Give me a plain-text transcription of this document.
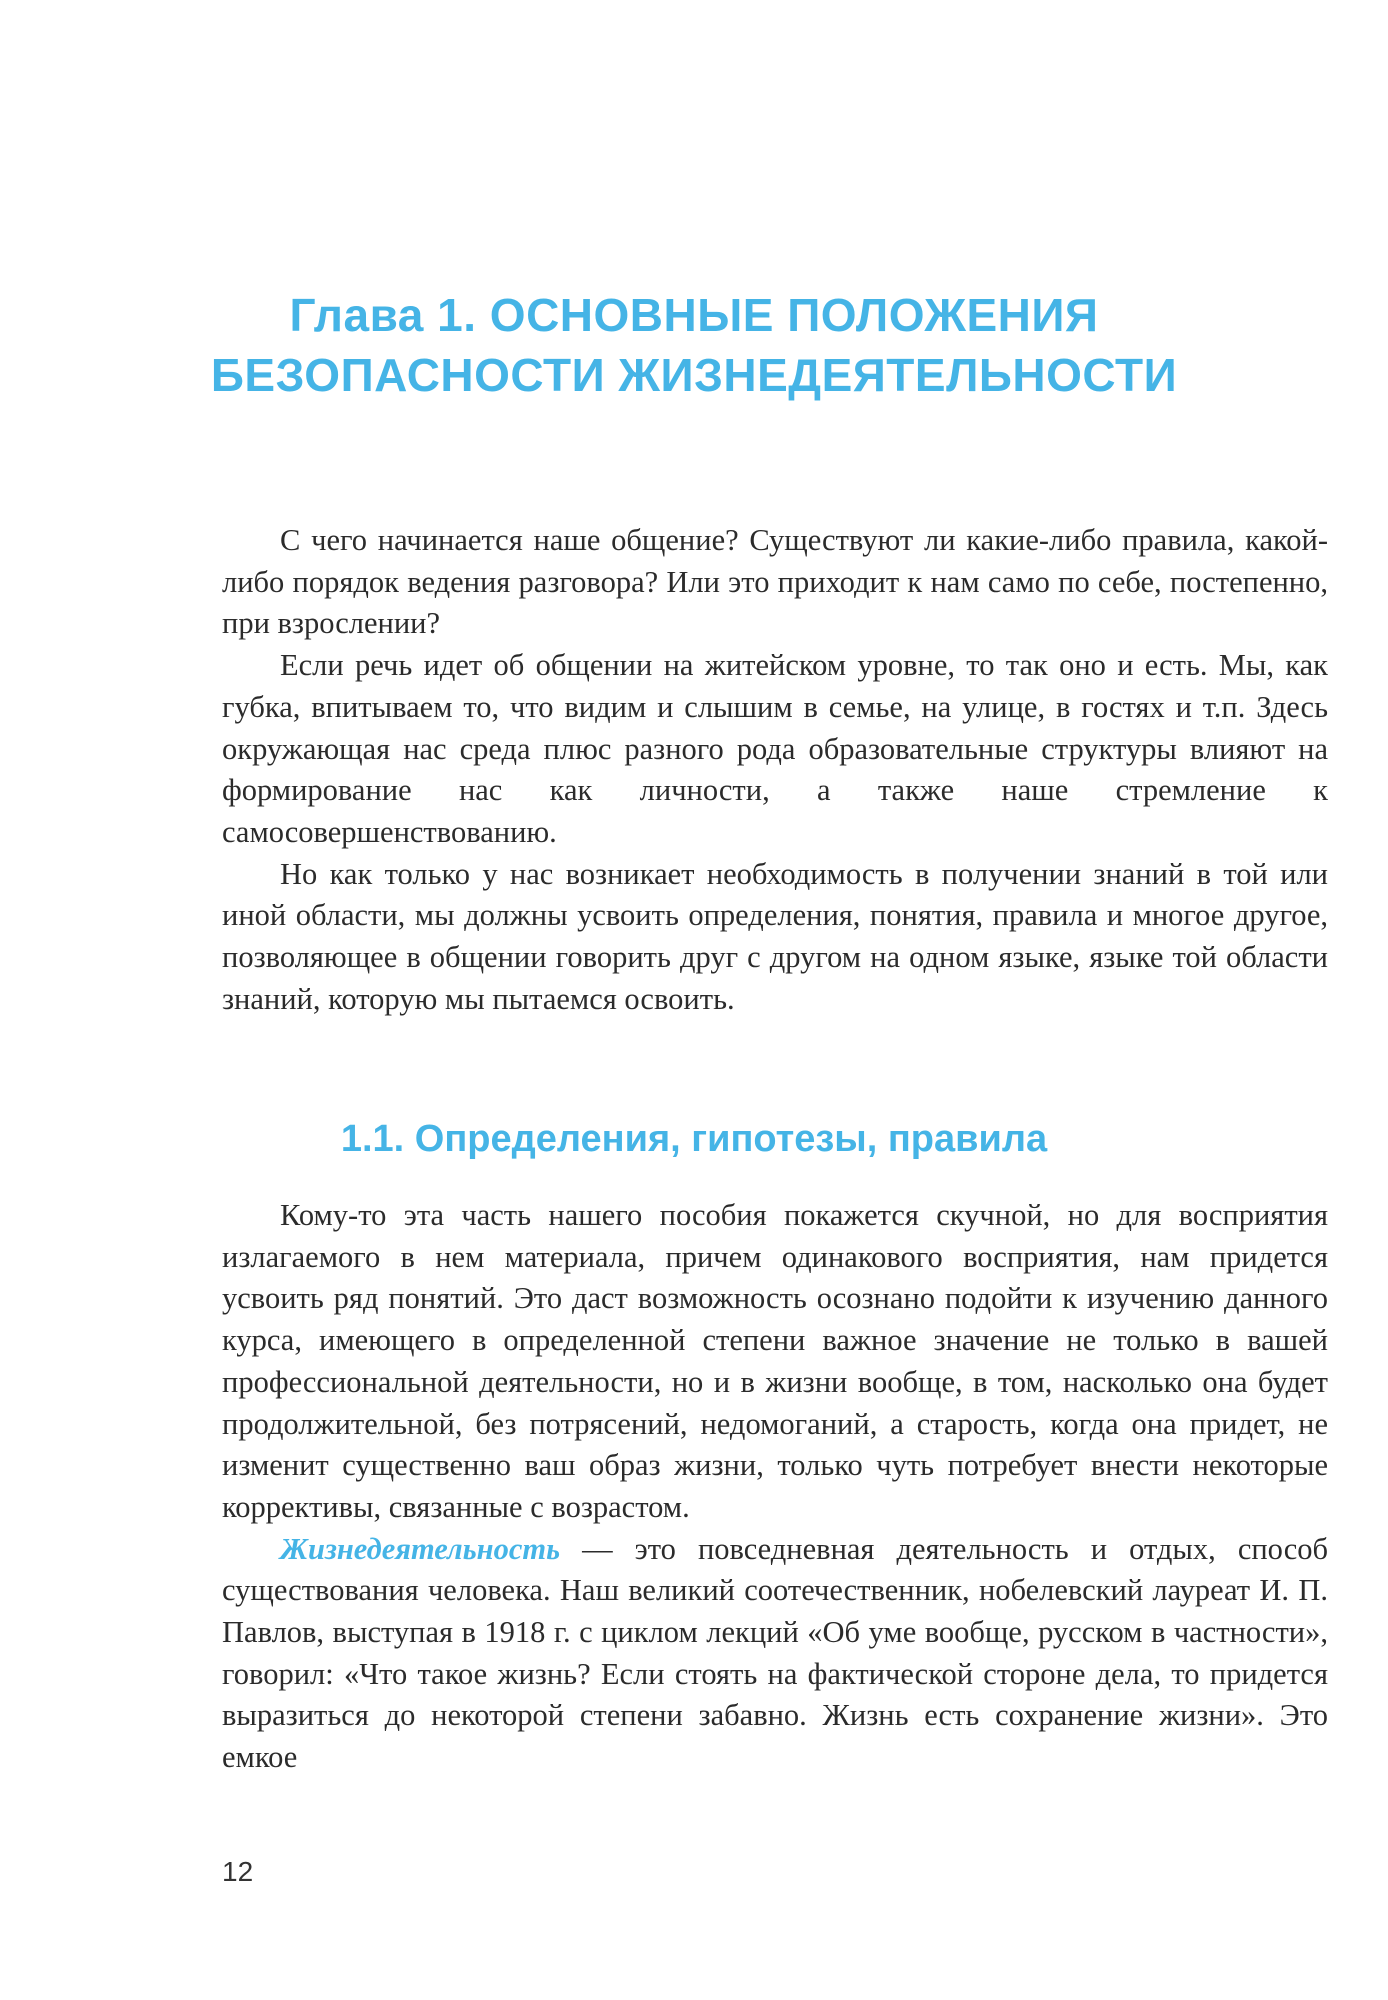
Глава 1. ОСНОВНЫЕ ПОЛОЖЕНИЯ
БЕЗОПАСНОСТИ ЖИЗНЕДЕЯТЕЛЬНОСТИ

С чего начинается наше общение? Существуют ли какие-либо правила, какой-либо порядок ведения разговора? Или это приходит к нам само по себе, постепенно, при взрослении?

Если речь идет об общении на житейском уровне, то так оно и есть. Мы, как губка, впитываем то, что видим и слышим в семье, на улице, в гостях и т.п. Здесь окружающая нас среда плюс разного рода образовательные структуры влияют на формирование нас как личности, а также наше стремление к самосовершенствованию.

Но как только у нас возникает необходимость в получении знаний в той или иной области, мы должны усвоить определения, понятия, правила и многое другое, позволяющее в общении говорить друг с другом на одном языке, языке той области знаний, которую мы пытаемся освоить.

1.1. Определения, гипотезы, правила

Кому-то эта часть нашего пособия покажется скучной, но для восприятия излагаемого в нем материала, причем одинакового восприятия, нам придется усвоить ряд понятий. Это даст возможность осознано подойти к изучению данного курса, имеющего в определенной степени важное значение не только в вашей профессиональной деятельности, но и в жизни вообще, в том, насколько она будет продолжительной, без потрясений, недомоганий, а старость, когда она придет, не изменит существенно ваш образ жизни, только чуть потребует внести некоторые коррективы, связанные с возрастом.

Жизнедеятельность — это повседневная деятельность и отдых, способ существования человека. Наш великий соотечественник, нобелевский лауреат И. П. Павлов, выступая в 1918 г. с циклом лекций «Об уме вообще, русском в частности», говорил: «Что такое жизнь? Если стоять на фактической стороне дела, то придется выразиться до некоторой степени забавно. Жизнь есть сохранение жизни». Это емкое

12
